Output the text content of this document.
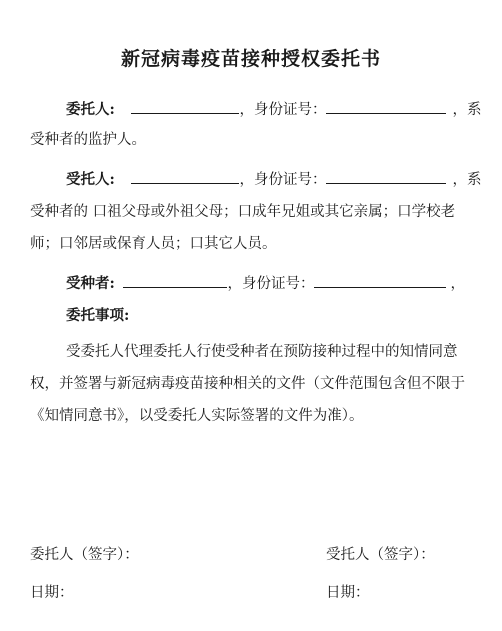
新冠病毒疫苗接种授权委托书
委托人:	，身份证号：	，系
受种者的监护人。
受托人:	，身份证号：	，系
受种者的 口祖父母或外祖父母；口成年兄姐或其它亲属；口学校老
师；口邻居或保育人员；口其它人员。
受种者:	，身份证号：	，
委托事项:
受委托人代理委托人行使受种者在预防接种过程中的知情同意
权，并签署与新冠病毒疫苗接种相关的文件（文件范围包含但不限于
《知情同意书》，以受委托人实际签署的文件为准）。
委托人（签字）：	受托人（签字）：
日期：	日期：
